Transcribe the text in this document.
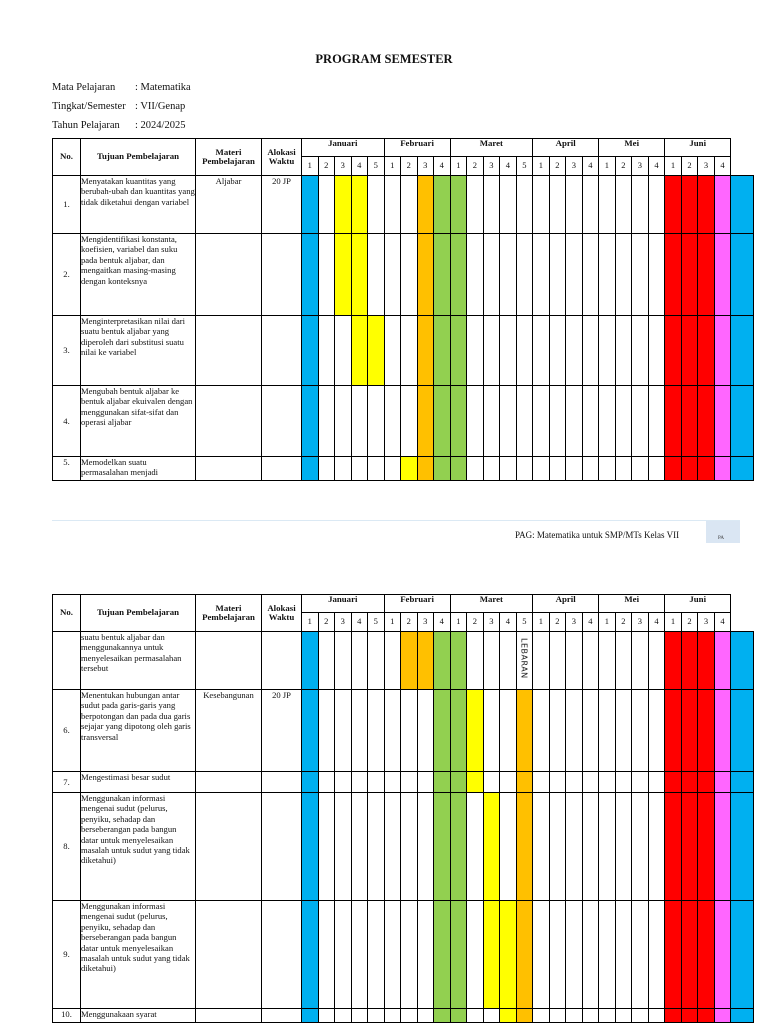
PROGRAM SEMESTER
Mata Pelajaran : Matematika
Tingkat/Semester : VII/Genap
Tahun Pelajaran : 2024/2025
No.	Tujuan Pembelajaran	Materi Pembelajaran	Alokasi Waktu	Januari					Februari				Maret					April				Mei				Juni				
				1	2	3	4	5	1	2	3	4	1	2	3	4	5	1	2	3	4	1	2	3	4	1	2	3	4	
1.	Menyatakan kuantitas yang berubah-ubah dan kuantitas yang tidak diketahui dengan variabel	Aljabar	20 JP																											
2.	Mengidentifikasi konstanta, koefisien, variabel dan suku pada bentuk aljabar, dan mengaitkan masing-masing dengan konteksnya																													
3.	Menginterpretasikan nilai dari suatu bentuk aljabar yang diperoleh dari substitusi suatu nilai ke variabel																													
4.	Mengubah bentuk aljabar ke bentuk aljabar ekuivalen dengan menggunakan sifat-sifat dan operasi aljabar																													
5.	Memodelkan suatu permasalahan menjadi																													
PAG: Matematika untuk SMP/MTs Kelas VII	PA
No.	Tujuan Pembelajaran	Materi Pembelajaran	Alokasi Waktu	Januari					Februari				Maret					April				Mei				Juni				
				1	2	3	4	5	1	2	3	4	1	2	3	4	5	1	2	3	4	1	2	3	4	1	2	3	4	
	suatu bentuk aljabar dan menggunakannya untuk menyelesaikan permasalahan tersebut																LEBARAN													

6.	Menentukan hubungan antar sudut pada garis-garis yang berpotongan dan pada dua garis sejajar yang dipotong oleh garis transversal	Kesebangunan	20 JP																											
7.	Mengestimasi besar sudut																													
8.	Menggunakan informasi mengenai sudut (pelurus, penyiku, sehadap dan berseberangan pada bangun datar untuk menyelesaikan masalah untuk sudut yang tidak diketahui)																													
9.	Menggunakan informasi mengenai sudut (pelurus, penyiku, sehadap dan berseberangan pada bangun datar untuk menyelesaikan masalah untuk sudut yang tidak diketahui)																													
10.	Menggunakaan syarat																													
